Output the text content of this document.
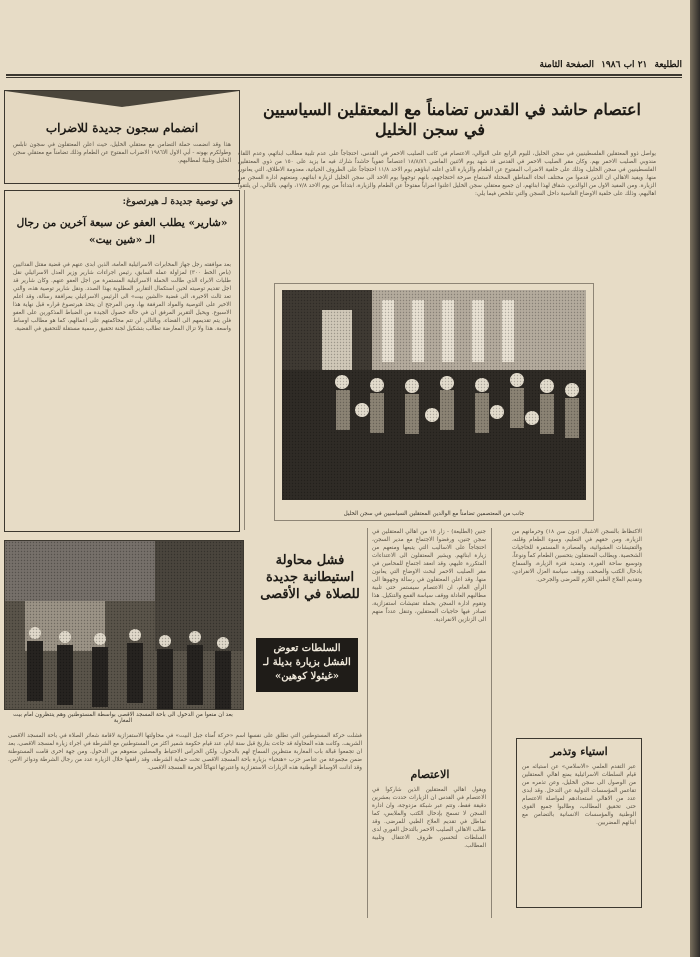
الطليعة ٢١ آب ١٩٨٦ الصفحة الثامنة
انضمام سجون جديدة للاضراب
هذا وقد انضمت حملة التضامن مع معتقلي الخليل، حيث اعلن المعتقلون في سجون نابلس وطولكرم بهونه - أبي الاول الا١٩٨٦ الاضراب المفتوح عن الطعام وذلك تضامناً مع معتقلي سجن الخليل وتلبيةً لمطالبهم.
في توصية جديدة لـ هيرتصوغ:
«شارير» يطلب العفو عن سبعة آخرين من رجال
الـ «شين بيت»
بعد موافقته رجل جهاز المخابرات الاسرائيلية العامة، الذين ابدى عنهم في قضية مقتل الفدائيين (باص الخط ٣٠٠) لمزاولة عمله السابق، رئيس اجراءات شارير وزير العدل الاسرائيلي نقل طلبات الابراء الذي طالت الحملة الاسرائيلية المستمرة من اجل العفو عنهم. وكان شارير قد اجل تقديم توصيته لحين استكمال التقارير المطلوبة بهذا الصدد. ونقل شارير توصية هذه، والتي تعد ثالث الاخيرة، الى قضية «الشين بيت» الى الرئيس الاسرائيلي بمرافقة رسالة، وقد اعلم الاخير على التوصية والمواد المرفقة بها، ومن المرجح ان يتخذ هيرتصوغ قراره قبل نهاية هذا الاسبوع. ويحيل التقرير المرفق ان في حالة حصول الجيدة من الضباط المذكورين على العفو فلن يتم تقديمهم الى القضاء، وبالتالي لن تتم محاكمتهم على اعمالهم، كما هو مطالب اوساط واسعة. هذا ولا تزال المعارضة تطالب بتشكيل لجنة تحقيق رسمية مستقلة للتحقيق في القضية.
اعتصام حاشد في القدس تضامناً مع المعتقلين السياسيين
في سجن الخليل
يواصل ذوو المعتقلين الفلسطينيين في سجن الخليل، لليوم الرابع على التوالي، الاعتصام في كاتب الصليب الاحمر في القدس، احتجاجاً على عدم تلبية مطالب ابنائهم، وعدم اللقاء مندوبي الصليب الاحمر بهم. وكان مقر الصليب الاحمر في القدس قد شهد يوم الاثنين الماضي ١٨/٨/٨٦ اعتصاماً عفوياً حاشداً شارك فيه ما يزيد على ١٥٠ من ذوي المعتقلين الفلسطينيين في سجن الخليل، وذلك على خلفية الاضراب المفتوح عن الطعام والزيارة الذي اعلنه ابناؤهم يوم الاحد ١١/٨ احتجاجاً على الظروف الحياتية، معدومة الاطلاق، التي يعانون منها. ويفيد الاهالي ان الذين قدموا من مختلف انحاء المناطق المحتلة لاستماع صرخة احتجاجهم، بانهم توجهوا يوم الاحد الى سجن الخليل لزيارة ابنائهم، ومنعتهم ادارة السجن من الزيارة. ومن المفيد الاول من الوالدين، شقاق لهذا ابنائهم، ان جميع معتقلي سجن الخليل اعلنوا اضراباً مفتوحاً عن الطعام والزيارة، ابتداءاً من يوم الاحد ١٧/٨، وانهم، بالتالي، لن يلتقوا اهاليهم، وذلك على خلفية الاوضاع القاسية داخل السجن والتي تتلخص فيما يلي:
جانب من المعتصمين تضامناً مع الوالدين المعتقلين السياسيين في سجن الخليل
بعد ان منعوا من الدخول الى باحة المسجد الاقصى بواسطة المستوطنين وهم ينتظرون امام بيت المغاربة
فشل محاولة استيطانية جديدة للصلاة في الأقصى
السلطات تعوض الفشل بزيارة بديلة لـ «غيئولا كوهين»
فشلت حركة المستوطنين التي تطلق على نفسها اسم «حركة اُمناء جبل البيت» في محاولتها الاستفزازية لاقامة شعائر الصلاة في باحة المسجد الاقصى الشريف. وكانت هذه المحاولة قد جاءت بتاريخ قبل سنة ايام، عند قيام حكومة شمير اكثر من المستوطنين مع الشرطة في اجراء زيارة لمسجد الاقصى، بعد ان تجمعوا قبالة باب المغاربة منتظرين السماح لهم بالدخول. ولكن الحراس الاحتياط والمصلين منعوهم من الدخول. ومن جهة اخرى قامت المستوطنة ضمن مجموعة من عناصر حزب «هتحيا» بزيارة باحة المسجد الاقصى تحت حماية الشرطة، وقد رافقها خلال الزيارة عدد من رجال الشرطة ودوائر الامن. وقد ادانت الاوساط الوطنية هذه الزيارات الاستفزازية واعتبرتها انتهاكاً لحرمة المسجد الاقصى.
جنين (الطليعة) - زار ١٥ من اهالي المعتقلين في سجن جنين، ورفضوا الاجتماع مع مدير السجن، احتجاجاً على الاساليب التي يتبعها ومنعهم من زيارة ابنائهم. ويشير المعتقلون الى الاعتداءات المتكررة عليهم، وقد انعقد اجتماع للمحامين في مقر الصليب الاحمر لبحث الاوضاع التي يعانون منها. وقد اعلن المعتقلون في رسالة وجهوها الى الرأي العام، ان الاعتصام سيستمر حتى تلبية مطالبهم العادلة ووقف سياسة القمع والتنكيل. هذا وتقوم ادارة السجن بحملة تفتيشات استفزازية، تصادر فيها حاجيات المعتقلين، وتنقل عدداً منهم الى الزنازين الانفرادية.
الاعتصام
ويقول اهالي المعتقلين الذين شاركوا في الاعتصام في القدس ان الزيارات حددت بعشرين دقيقة فقط، وتتم عبر شبكة مزدوجة، وان ادارة السجن لا تسمح بإدخال الكتب والملابس، كما تماطل في تقديم العلاج الطبي للمرضى. وقد طالب الاهالي الصليب الاحمر بالتدخل الفوري لدى السلطات لتحسين ظروف الاعتقال وتلبية المطالب.
الاكتظاظ بالسجن الاشبال (دون سن ١٨) وحرمانهم من الزيارة، ومن حقهم في التعليم، وسوء الطعام وقلته، والتفتيشات العشوائية، والمصادرة المستمرة للحاجيات الشخصية. ويطالب المعتقلون بتحسين الطعام كماً ونوعاً، وتوسيع ساحة الفورة، وتمديد فترة الزيارة، والسماح بادخال الكتب والصحف، ووقف سياسة العزل الانفرادي، وتقديم العلاج الطبي اللازم للمرضى والجرحى.
استياء وتذمر
عبر التقدم العلمي «الاسلامي» عن استيائه من قيام السلطات الاسرائيلية بمنع اهالي المعتقلين من الوصول الى سجن الخليل، وعن تذمره من تقاعس المؤسسات الدولية عن التدخل. وقد ابدى عدد من الاهالي استعدادهم لمواصلة الاعتصام حتى تحقيق المطالب، وطالبوا جميع القوى الوطنية والمؤسسات الانسانية بالتضامن مع ابنائهم المضربين.
